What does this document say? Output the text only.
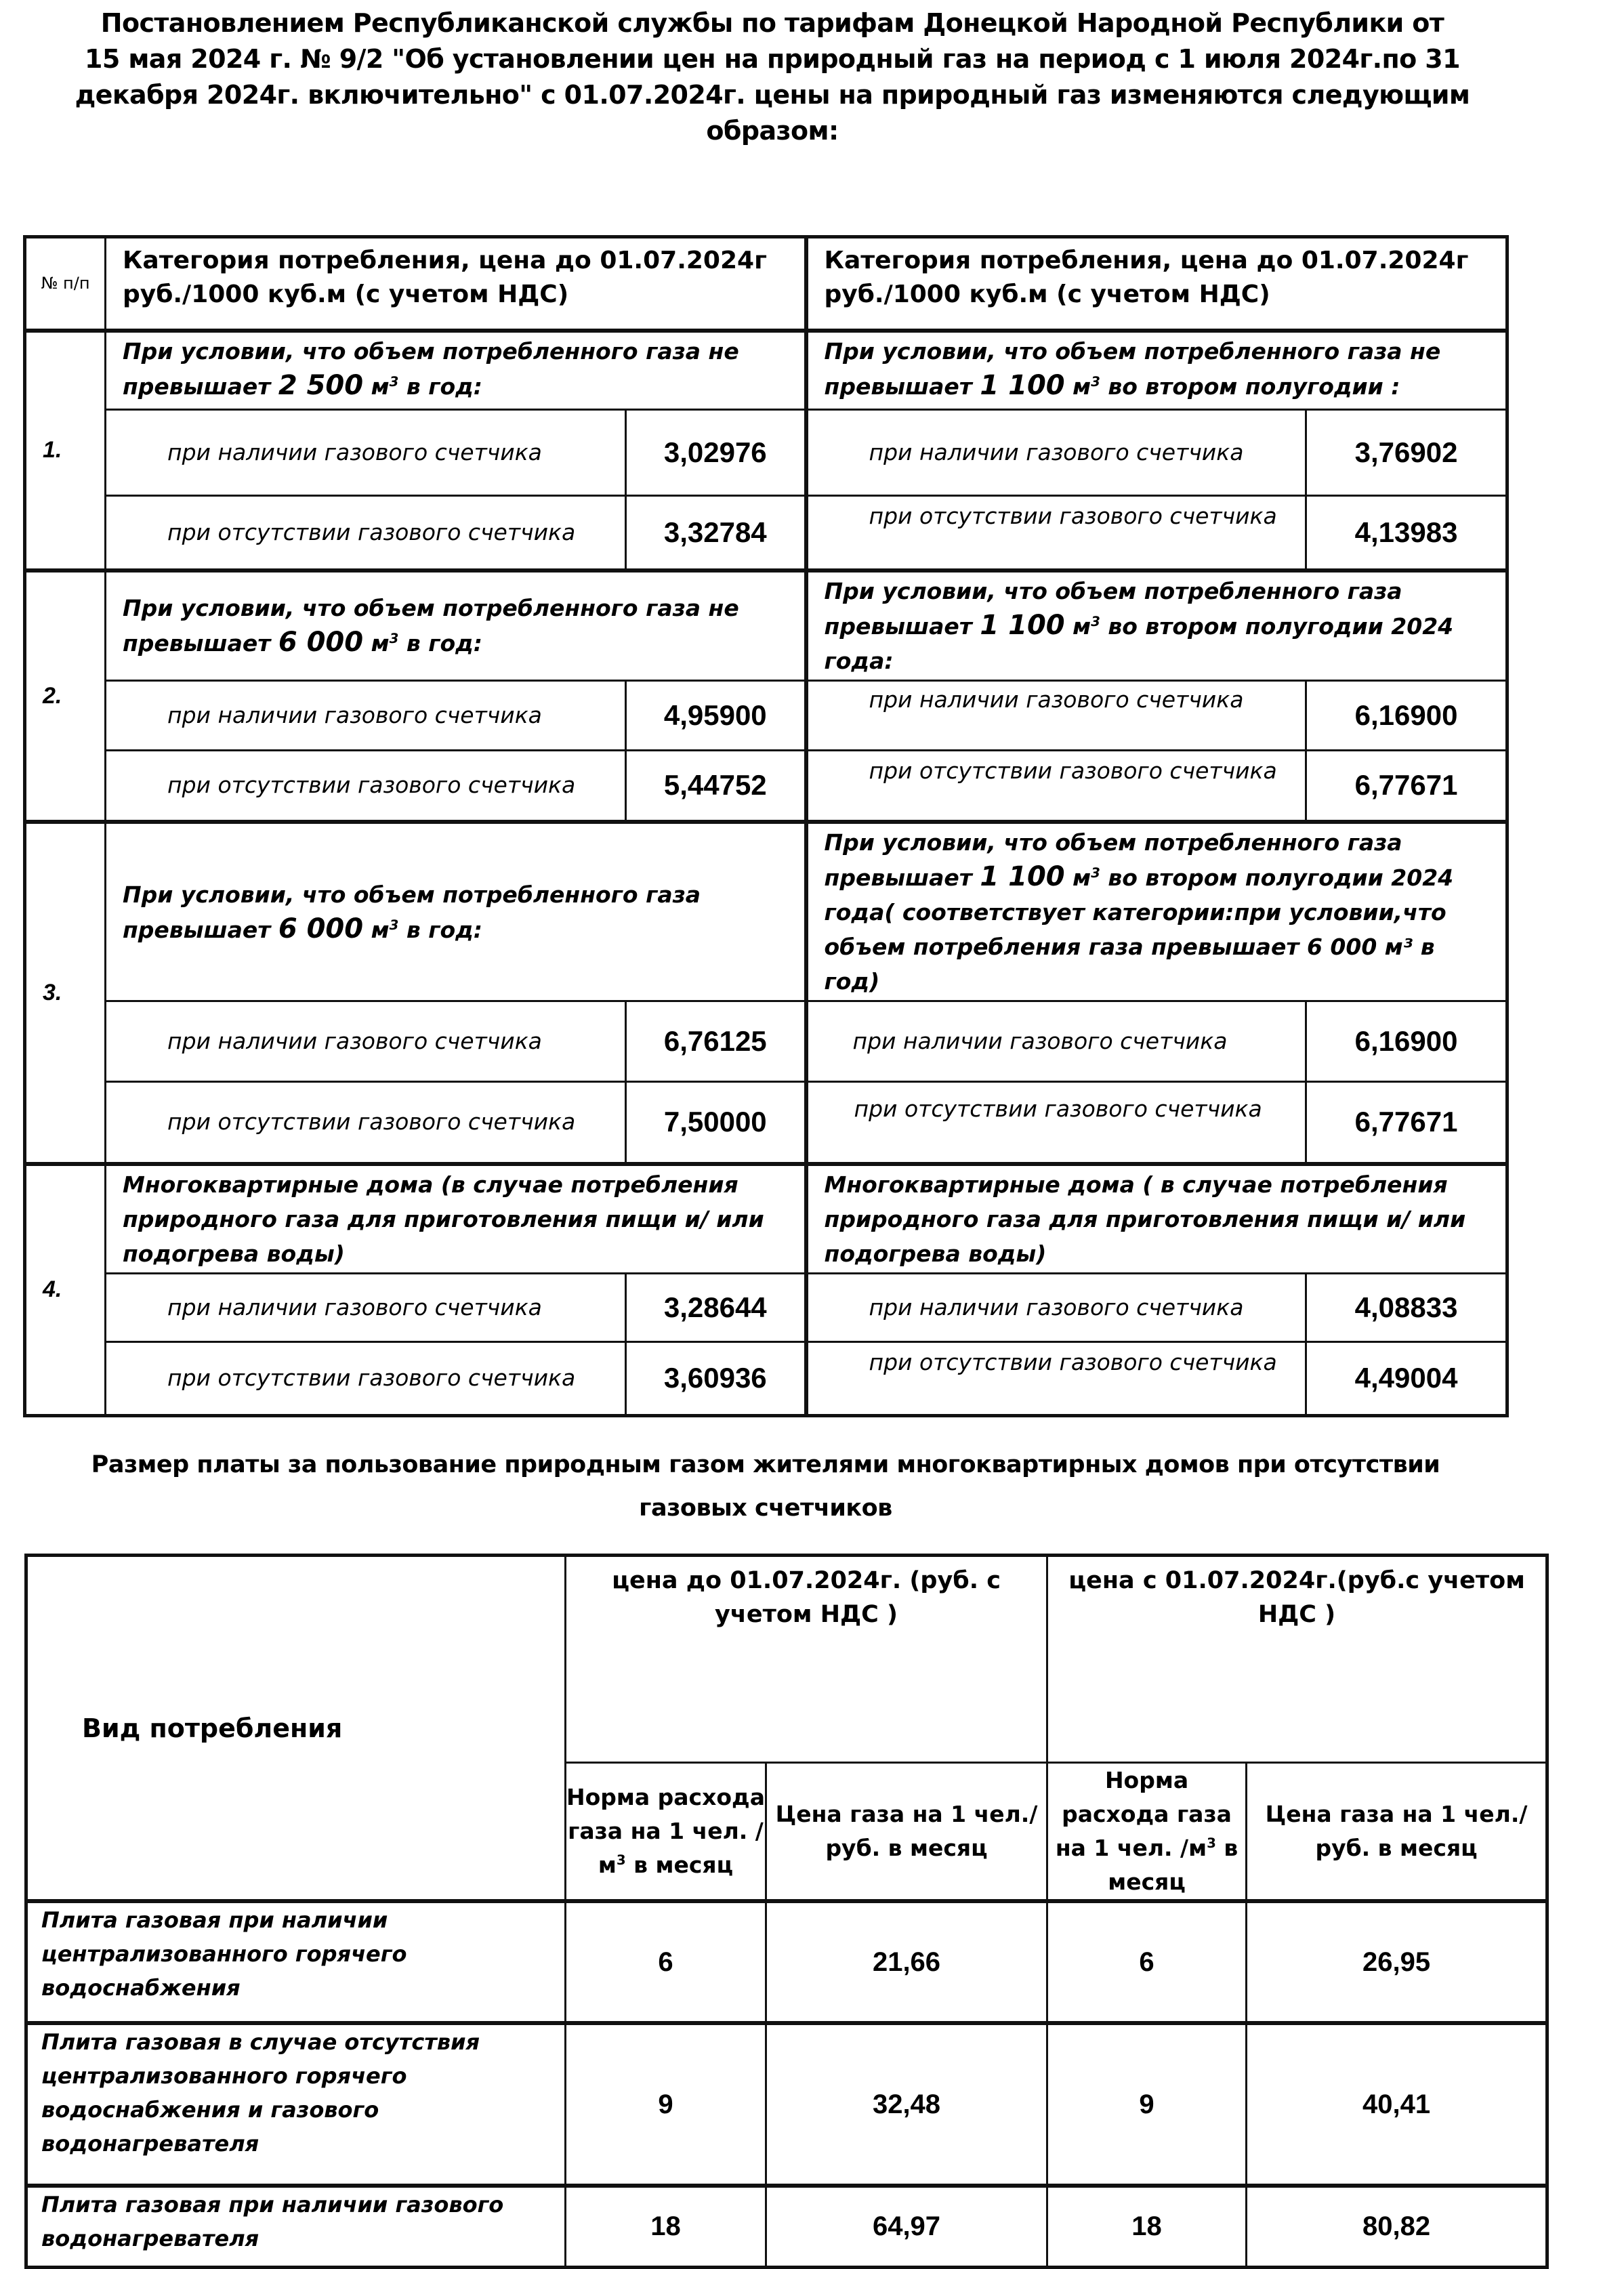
Постановлением Республиканской службы по тарифам Донецкой Народной Республики от
15 мая 2024 г. № 9/2 "Об установлении цен на природный газ на период с 1 июля 2024г.по 31
декабря 2024г. включительно" с 01.07.2024г. цены на природный газ изменяются следующим
образом:
№ п/п	Категория потребления, цена до 01.07.2024г руб./1000 куб.м (с учетом НДС)		Категория потребления, цена до 01.07.2024г руб./1000 куб.м (с учетом НДС)	
1.	При условии, что объем потребленного газа не превышает 2 500 $м^3$ в год:		При условии, что объем потребленного газа не превышает 1 100 $м^3$ во втором полугодии :	
	при наличии газового счетчика	3,02976	при наличии газового счетчика	3,76902
	при отсутствии газового счетчика	3,32784	при отсутствии газового счетчика	4,13983
2.	При условии, что объем потребленного газа не превышает 6 000 $м^3$ в год:		При условии, что объем потребленного газа превышает 1 100 $м^3$ во втором полугодии 2024 года:	
	при наличии газового счетчика	4,95900	при наличии газового счетчика	6,16900
	при отсутствии газового счетчика	5,44752	при отсутствии газового счетчика	6,77671
3.	При условии, что объем потребленного газа превышает 6 000 $м^3$ в год:		При условии, что объем потребленного газа превышает 1 100 $м^3$ во втором полугодии 2024 года( соответствует категории:при условии,что объем потребления газа превышает 6 000 м³ в год)	
	при наличии газового счетчика	6,76125	при наличии газового счетчика	6,16900
	при отсутствии газового счетчика	7,50000	при отсутствии газового счетчика	6,77671
4.	Многоквартирные дома (в случае потребления природного газа для приготовления пищи и/ или подогрева воды)		Многоквартирные дома ( в случае потребления природного газа для приготовления пищи и/ или подогрева воды)	
	при наличии газового счетчика	3,28644	при наличии газового счетчика	4,08833
	при отсутствии газового счетчика	3,60936	при отсутствии газового счетчика	4,49004
Размер платы за пользование природным газом жителями многоквартирных домов при отсутствии газовых счетчиков
Вид потребления	цена до 01.07.2024г. (руб. с учетом НДС )		цена с 01.07.2024г.(руб.с учетом НДС )	
	Норма расхода газа на 1 чел. $/м^3$ в месяц	Цена газа на 1 чел./руб. в месяц	Норма расхода газа на 1 чел. $/м^3$ в месяц	Цена газа на 1 чел./руб. в месяц
Плита газовая при наличии централизованного горячего водоснабжения	6	21,66	6	26,95
Плита газовая в случае отсутствия централизованного горячего водоснабжения и газового водонагревателя	9	32,48	9	40,41
Плита газовая при наличии газового водонагревателя	18	64,97	18	80,82
